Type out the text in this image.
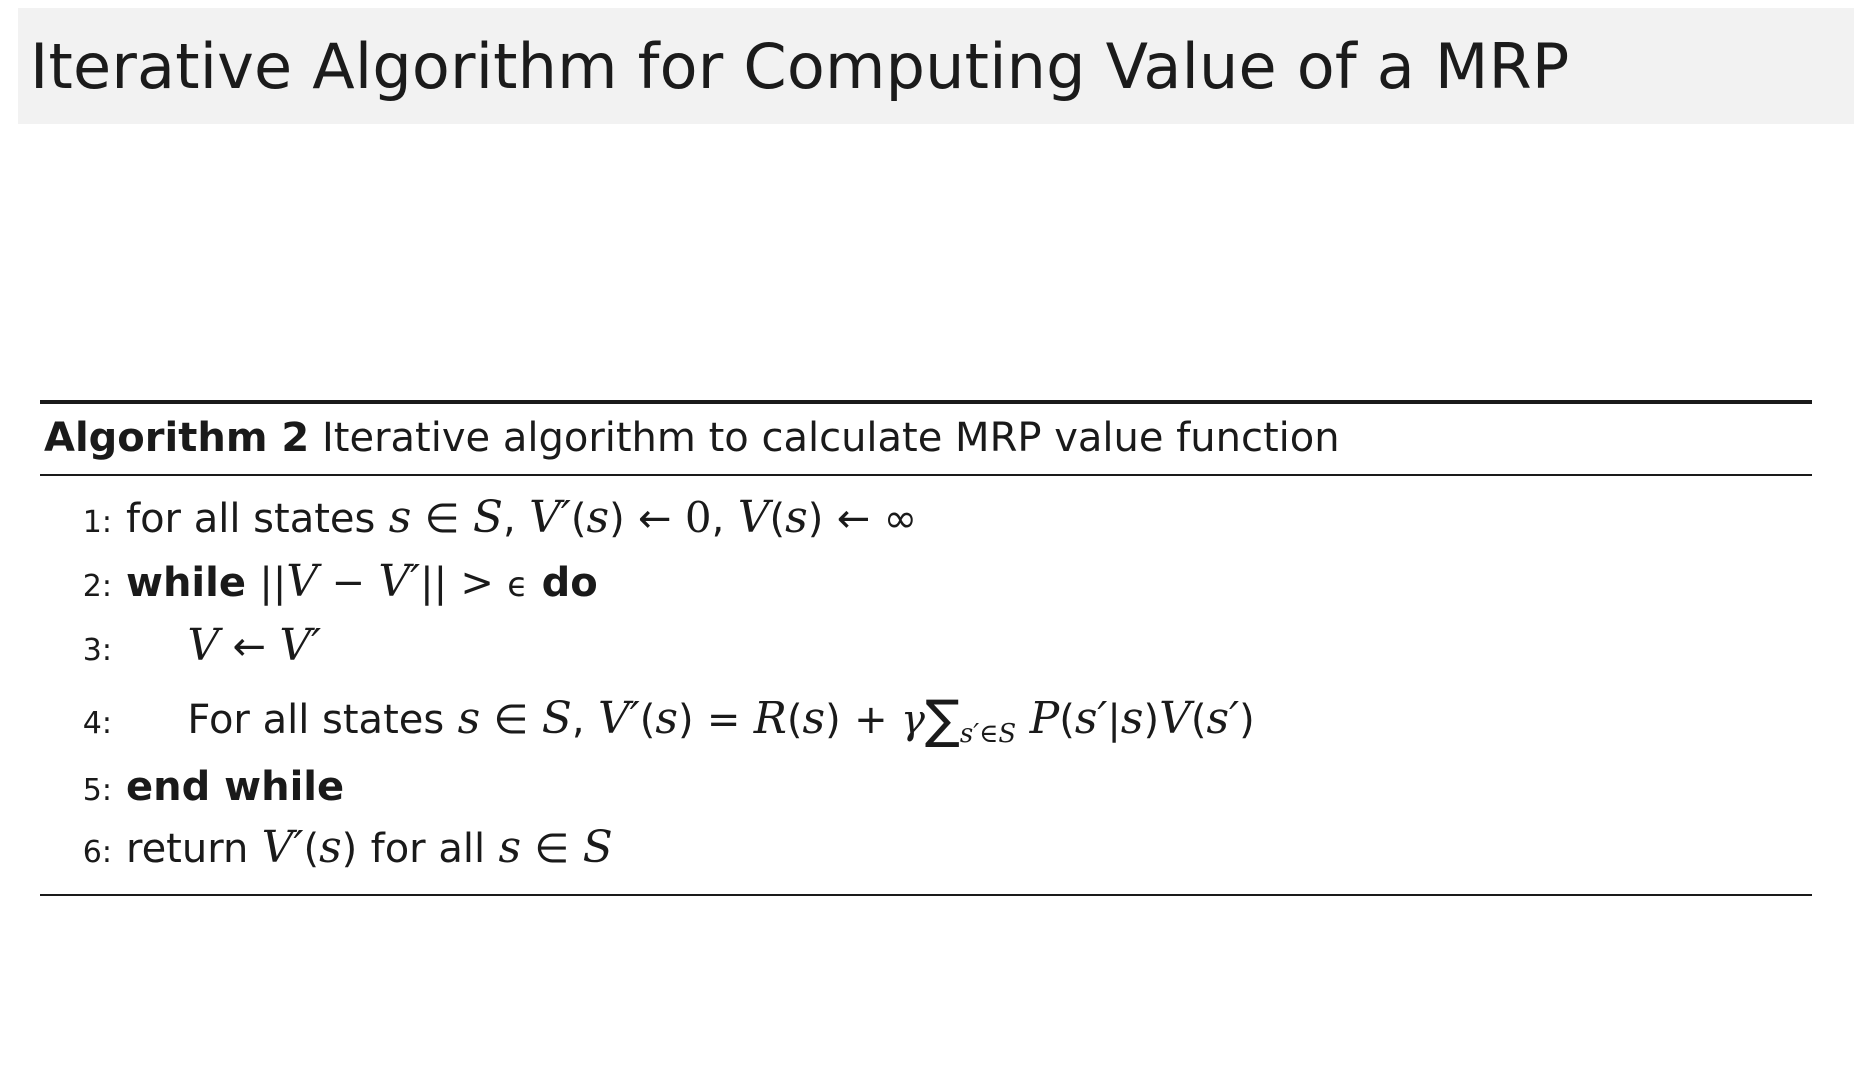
Iterative Algorithm for Computing Value of a MRP
Algorithm 2 Iterative algorithm to calculate MRP value function
1: for all states s ∈ S, V′(s) ← 0, V(s) ← ∞
2: while ||V − V′|| > ϵ do
3:	V ← V′
4:	For all states s ∈ S, $V'(s) = R(s) + \gamma\sum_{s'\in S}$ P(s′|s)V(s′)
5: end while
6: return V′(s) for all s ∈ S
